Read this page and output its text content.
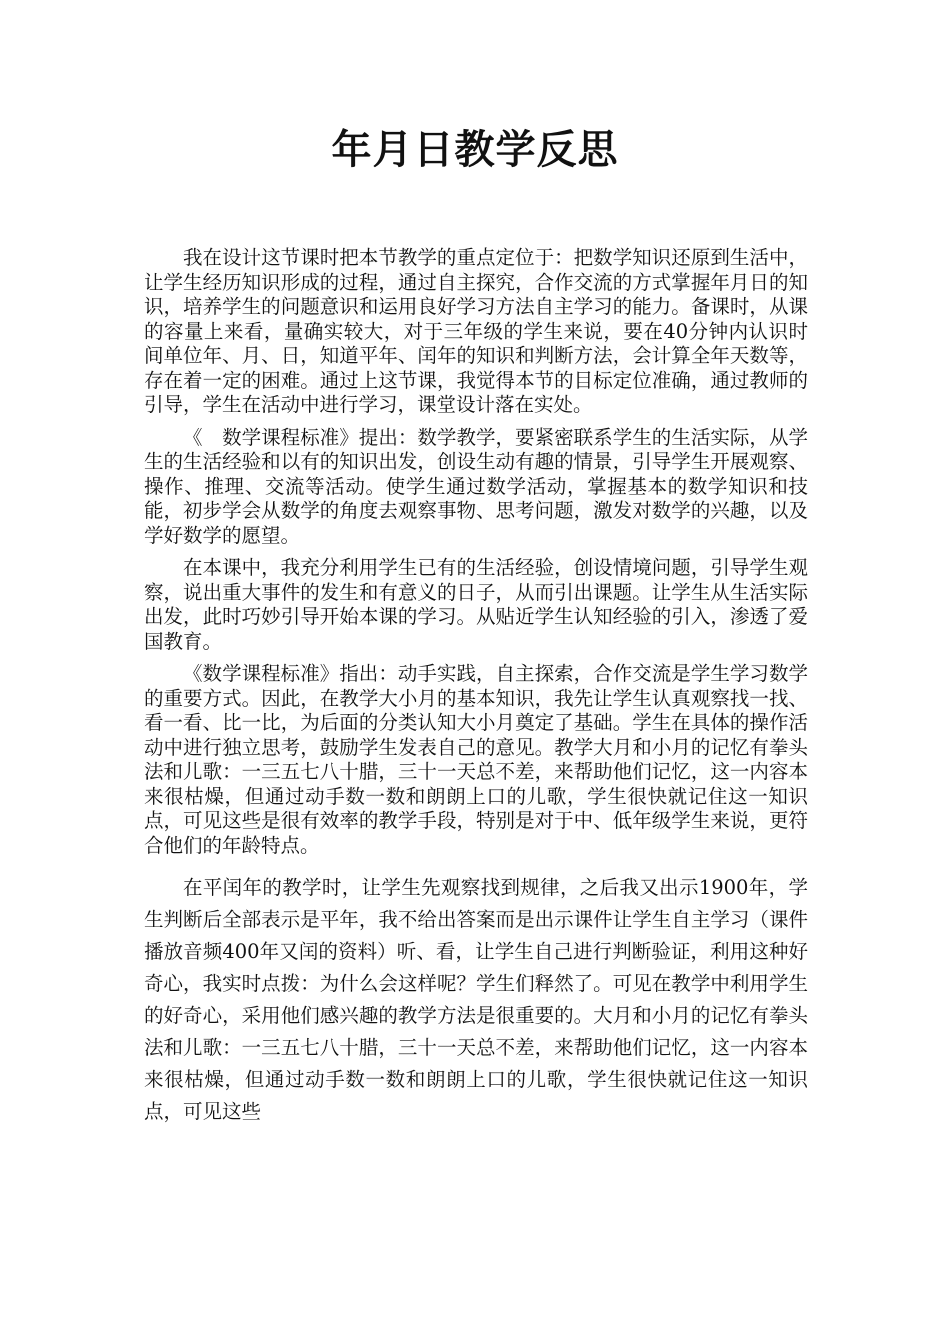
年月日教学反思

我在设计这节课时把本节教学的重点定位于：把数学知识还原到生活中，让学生经历知识形成的过程，通过自主探究，合作交流的方式掌握年月日的知识，培养学生的问题意识和运用良好学习方法自主学习的能力。备课时，从课的容量上来看，量确实较大，对于三年级的学生来说，要在40分钟内认识时间单位年、月、日，知道平年、闰年的知识和判断方法，会计算全年天数等，存在着一定的困难。通过上这节课，我觉得本节的目标定位准确，通过教师的引导，学生在活动中进行学习，课堂设计落在实处。

《　数学课程标准》提出：数学教学，要紧密联系学生的生活实际，从学生的生活经验和以有的知识出发，创设生动有趣的情景，引导学生开展观察、操作、推理、交流等活动。使学生通过数学活动，掌握基本的数学知识和技能，初步学会从数学的角度去观察事物、思考问题，激发对数学的兴趣，以及学好数学的愿望。

在本课中，我充分利用学生已有的生活经验，创设情境问题，引导学生观察，说出重大事件的发生和有意义的日子，从而引出课题。让学生从生活实际出发，此时巧妙引导开始本课的学习。从贴近学生认知经验的引入，渗透了爱国教育。

《数学课程标准》指出：动手实践，自主探索，合作交流是学生学习数学的重要方式。因此，在教学大小月的基本知识，我先让学生认真观察找一找、看一看、比一比，为后面的分类认知大小月奠定了基础。学生在具体的操作活动中进行独立思考，鼓励学生发表自己的意见。教学大月和小月的记忆有拳头法和儿歌：一三五七八十腊，三十一天总不差，来帮助他们记忆，这一内容本来很枯燥，但通过动手数一数和朗朗上口的儿歌，学生很快就记住这一知识点，可见这些是很有效率的教学手段，特别是对于中、低年级学生来说，更符合他们的年龄特点。

在平闰年的教学时，让学生先观察找到规律，之后我又出示1900年，学生判断后全部表示是平年，我不给出答案而是出示课件让学生自主学习（课件播放音频400年又闰的资料）听、看，让学生自己进行判断验证，利用这种好奇心，我实时点拨：为什么会这样呢？学生们释然了。可见在教学中利用学生的好奇心，采用他们感兴趣的教学方法是很重要的。大月和小月的记忆有拳头法和儿歌：一三五七八十腊，三十一天总不差，来帮助他们记忆，这一内容本来很枯燥，但通过动手数一数和朗朗上口的儿歌，学生很快就记住这一知识点，可见这些
